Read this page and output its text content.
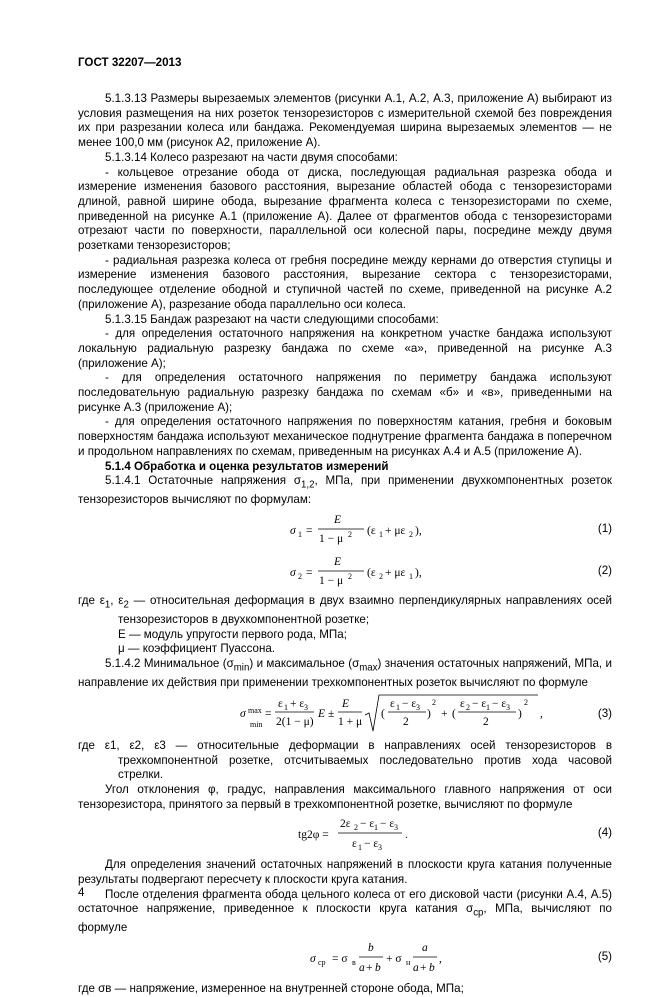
ГОСТ 32207—2013

5.1.3.13 Размеры вырезаемых элементов (рисунки А.1, А.2, А.3, приложение А) выбирают из условия размещения на них розеток тензорезисторов с измерительной схемой без повреждения их при разрезании колеса или бандажа. Рекомендуемая ширина вырезаемых элементов — не менее 100,0 мм (рисунок А2, приложение А).

5.1.3.14 Колесо разрезают на части двумя способами:

- кольцевое отрезание обода от диска, последующая радиальная разрезка обода и измерение изменения базового расстояния, вырезание областей обода с тензорезисторами длиной, равной ширине обода, вырезание фрагмента колеса с тензорезисторами по схеме, приведенной на рисунке А.1 (приложение А). Далее от фрагментов обода с тензорезисторами отрезают части по поверхности, параллельной оси колесной пары, посредине между двумя розетками тензорезисторов;

- радиальная разрезка колеса от гребня посредине между кернами до отверстия ступицы и измерение изменения базового расстояния, вырезание сектора с тензорезисторами, последующее отделение ободной и ступичной частей по схеме, приведенной на рисунке А.2 (приложение А), разрезание обода параллельно оси колеса.

5.1.3.15 Бандаж разрезают на части следующими способами:

- для определения остаточного напряжения на конкретном участке бандажа используют локальную радиальную разрезку бандажа по схеме «а», приведенной на рисунке А.3 (приложение А);

- для определения остаточного напряжения по периметру бандажа используют последовательную радиальную разрезку бандажа по схемам «б» и «в», приведенными на рисунке А.3 (приложение А);

- для определения остаточного напряжения по поверхностям катания, гребня и боковым поверхностям бандажа используют механическое поднутрение фрагмента бандажа в поперечном и продольном направлениях по схемам, приведенным на рисунках А.4 и А.5 (приложение А).

5.1.4 Обработка и оценка результатов измерений

5.1.4.1 Остаточные напряжения $\sigma_{1,2}$, МПа, при применении двухкомпонентных розеток тензорезисторов вычисляют по формулам:

σ 1 =
E
1 − μ 2 (ε 1 + με 2 ),	(1)
σ 2 =
E
1 − μ 2 (ε 2 + με 1 ),	(2)

где $\varepsilon_1$, $\varepsilon_2$ — относительная деформация в двух взаимно перпендикулярных направлениях осей тензорезисторов в двухкомпонентной розетке;

E — модуль упругости первого рода, МПа;

μ — коэффициент Пуассона.

5.1.4.2 Минимальное $(\sigma_{min})$ и максимальное $(\sigma_{max})$ значения остаточных напряжений, МПа, и направление их действия при применении трехкомпонентных розеток вычисляют по формуле

σ max
min
=
ε 1 + ε 3
2(1 − μ)
E ±
E
1 + μ
(
ε 1 − ε 3
2
)
2
+ (
ε 2 − ε 1 − ε 3
2
)
2
,	(3)

где ε1, ε2, ε3 — относительные деформации в направлениях осей тензорезисторов в трехкомпонентной розетке, отсчитываемых последовательно против хода часовой стрелки.

Угол отклонения φ, градус, направления максимального главного напряжения от оси тензорезистора, принятого за первый в трехкомпонентной розетке, вычисляют по формуле

tg2φ =
2ε 2 − ε 1 − ε 3
ε 1 − ε 3
.	(4)

Для определения значений остаточных напряжений в плоскости круга катания полученные результаты подвергают пересчету к плоскости круга катания.

После отделения фрагмента обода цельного колеса от его дисковой части (рисунки А.4, А.5) остаточное напряжение, приведенное к плоскости круга катания $\sigma_{ср}$, МПа, вычисляют по формуле

σ ср = σ в
b
a + b
+ σ н
a
a + b
,	(5)

где σв — напряжение, измеренное на внутренней стороне обода, МПа;

4
